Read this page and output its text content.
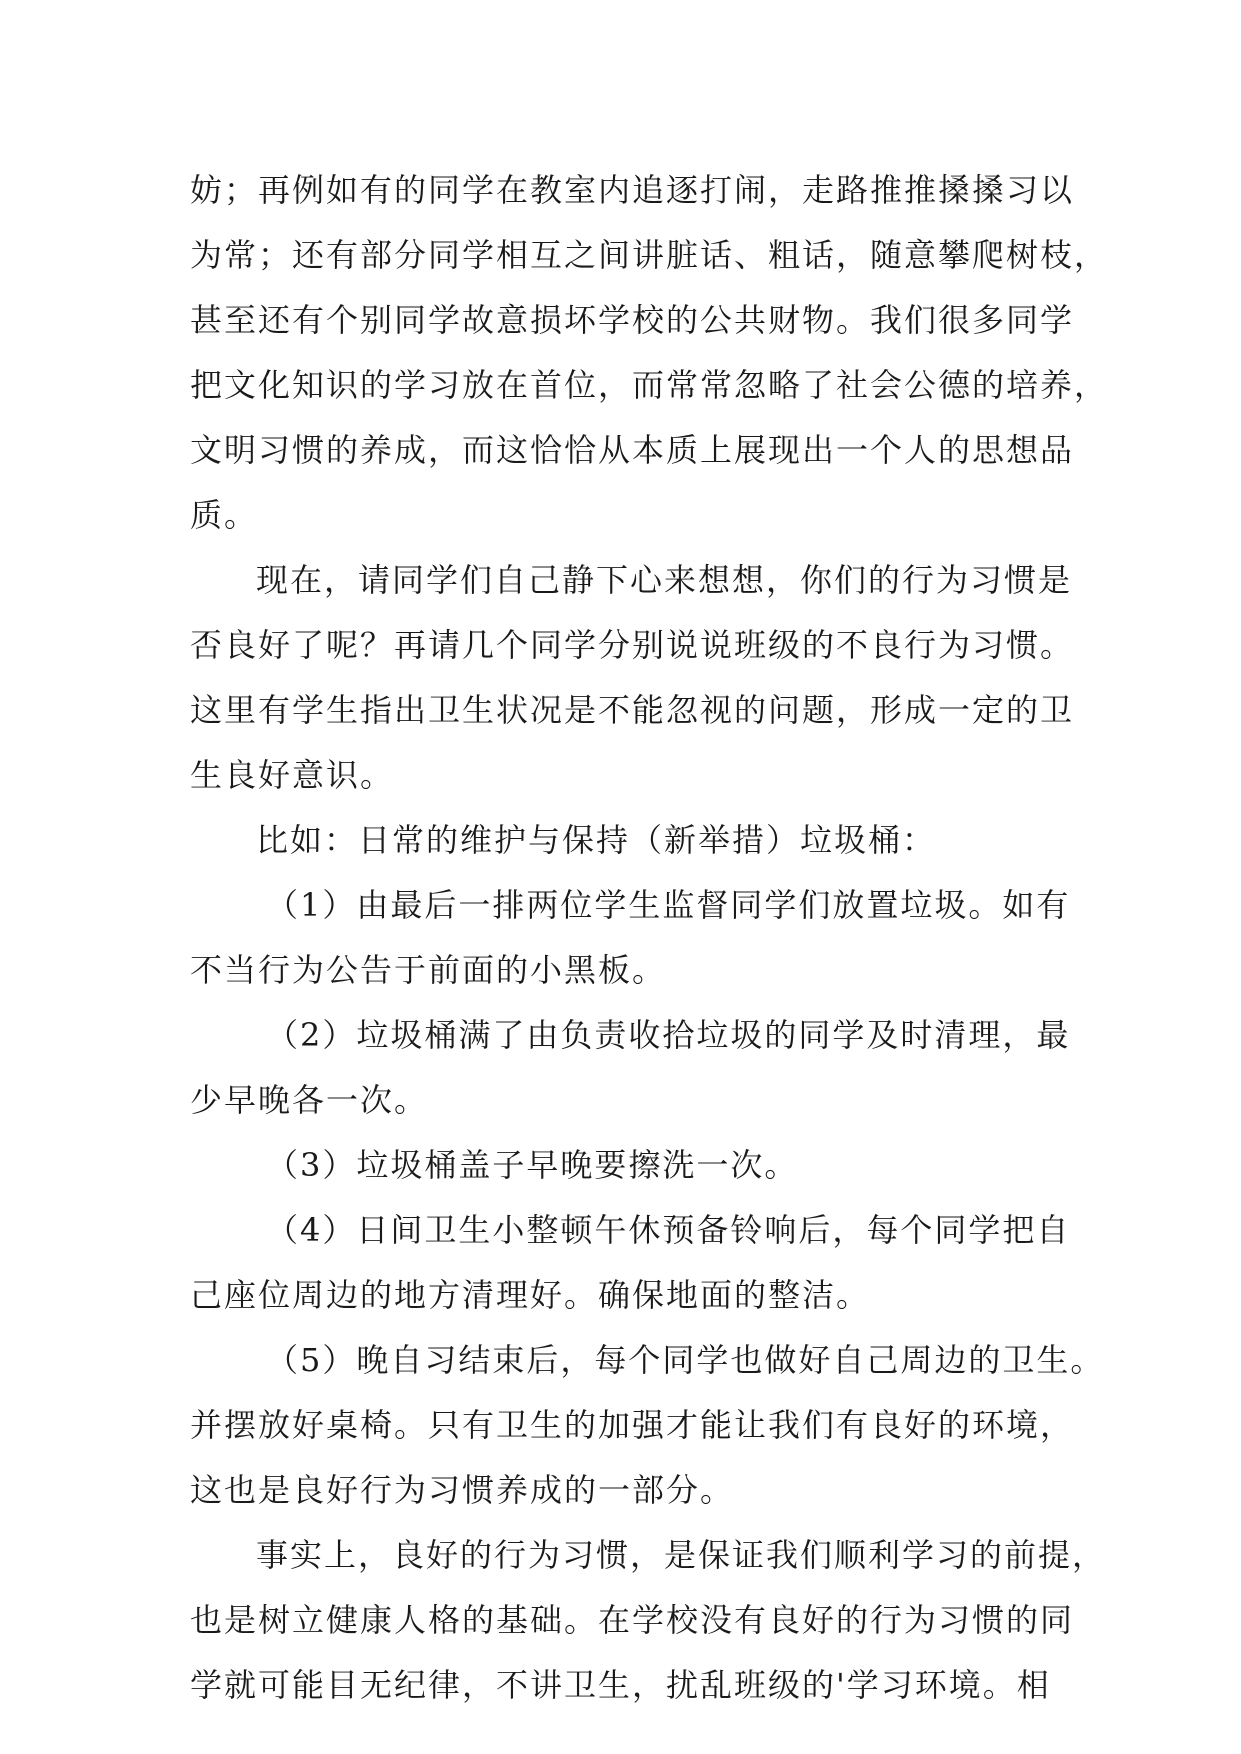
妨；再例如有的同学在教室内追逐打闹，走路推推搡搡习以
为常；还有部分同学相互之间讲脏话、粗话，随意攀爬树枝，
甚至还有个别同学故意损坏学校的公共财物。我们很多同学
把文化知识的学习放在首位，而常常忽略了社会公德的培养，
文明习惯的养成，而这恰恰从本质上展现出一个人的思想品
质。
现在，请同学们自己静下心来想想，你们的行为习惯是
否良好了呢？再请几个同学分别说说班级的不良行为习惯。
这里有学生指出卫生状况是不能忽视的问题，形成一定的卫
生良好意识。
比如：日常的维护与保持（新举措）垃圾桶：
（1）由最后一排两位学生监督同学们放置垃圾。如有
不当行为公告于前面的小黑板。
（2）垃圾桶满了由负责收拾垃圾的同学及时清理，最
少早晚各一次。
（3）垃圾桶盖子早晚要擦洗一次。
（4）日间卫生小整顿午休预备铃响后，每个同学把自
己座位周边的地方清理好。确保地面的整洁。
（5）晚自习结束后，每个同学也做好自己周边的卫生。
并摆放好桌椅。只有卫生的加强才能让我们有良好的环境，
这也是良好行为习惯养成的一部分。
事实上，良好的行为习惯，是保证我们顺利学习的前提，
也是树立健康人格的基础。在学校没有良好的行为习惯的同
学就可能目无纪律，不讲卫生，扰乱班级的'学习环境。相
